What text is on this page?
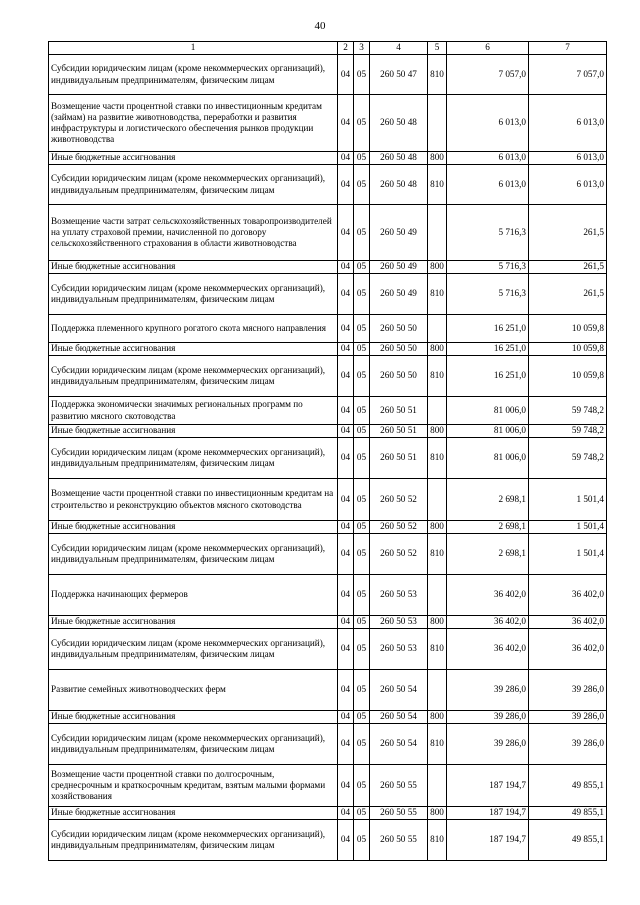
40
1	2	3	4	5	6	7
Субсидии юридическим лицам (кроме некоммерческих организаций), индивидуальным предпринимателям, физическим лицам	04	05	260 50 47	810	7 057,0	7 057,0
Возмещение части процентной ставки по инвестиционным кредитам (займам) на развитие животноводства, переработки и развития инфраструктуры и логистического обеспечения рынков продукции животноводства	04	05	260 50 48		6 013,0	6 013,0
Иные бюджетные ассигнования	04	05	260 50 48	800	6 013,0	6 013,0
Субсидии юридическим лицам (кроме некоммерческих организаций), индивидуальным предпринимателям, физическим лицам	04	05	260 50 48	810	6 013,0	6 013,0
Возмещение части затрат сельскохозяйственных товаропроизводителей на уплату страховой премии, начисленной по договору сельскохозяйственного страхования в области животноводства	04	05	260 50 49		5 716,3	261,5
Иные бюджетные ассигнования	04	05	260 50 49	800	5 716,3	261,5
Субсидии юридическим лицам (кроме некоммерческих организаций), индивидуальным предпринимателям, физическим лицам	04	05	260 50 49	810	5 716,3	261,5
Поддержка племенного крупного рогатого скота мясного направления	04	05	260 50 50		16 251,0	10 059,8
Иные бюджетные ассигнования	04	05	260 50 50	800	16 251,0	10 059,8
Субсидии юридическим лицам (кроме некоммерческих организаций), индивидуальным предпринимателям, физическим лицам	04	05	260 50 50	810	16 251,0	10 059,8
Поддержка экономически значимых региональных программ по развитию мясного скотоводства	04	05	260 50 51		81 006,0	59 748,2
Иные бюджетные ассигнования	04	05	260 50 51	800	81 006,0	59 748,2
Субсидии юридическим лицам (кроме некоммерческих организаций), индивидуальным предпринимателям, физическим лицам	04	05	260 50 51	810	81 006,0	59 748,2
Возмещение части процентной ставки по инвестиционным кредитам на строительство и реконструкцию объектов мясного скотоводства	04	05	260 50 52		2 698,1	1 501,4
Иные бюджетные ассигнования	04	05	260 50 52	800	2 698,1	1 501,4
Субсидии юридическим лицам (кроме некоммерческих организаций), индивидуальным предпринимателям, физическим лицам	04	05	260 50 52	810	2 698,1	1 501,4
Поддержка начинающих фермеров	04	05	260 50 53		36 402,0	36 402,0
Иные бюджетные ассигнования	04	05	260 50 53	800	36 402,0	36 402,0
Субсидии юридическим лицам (кроме некоммерческих организаций), индивидуальным предпринимателям, физическим лицам	04	05	260 50 53	810	36 402,0	36 402,0
Развитие семейных животноводческих ферм	04	05	260 50 54		39 286,0	39 286,0
Иные бюджетные ассигнования	04	05	260 50 54	800	39 286,0	39 286,0
Субсидии юридическим лицам (кроме некоммерческих организаций), индивидуальным предпринимателям, физическим лицам	04	05	260 50 54	810	39 286,0	39 286,0
Возмещение части процентной ставки по долгосрочным, среднесрочным и краткосрочным кредитам, взятым малыми формами хозяйствования	04	05	260 50 55		187 194,7	49 855,1
Иные бюджетные ассигнования	04	05	260 50 55	800	187 194,7	49 855,1
Субсидии юридическим лицам (кроме некоммерческих организаций), индивидуальным предпринимателям, физическим лицам	04	05	260 50 55	810	187 194,7	49 855,1
